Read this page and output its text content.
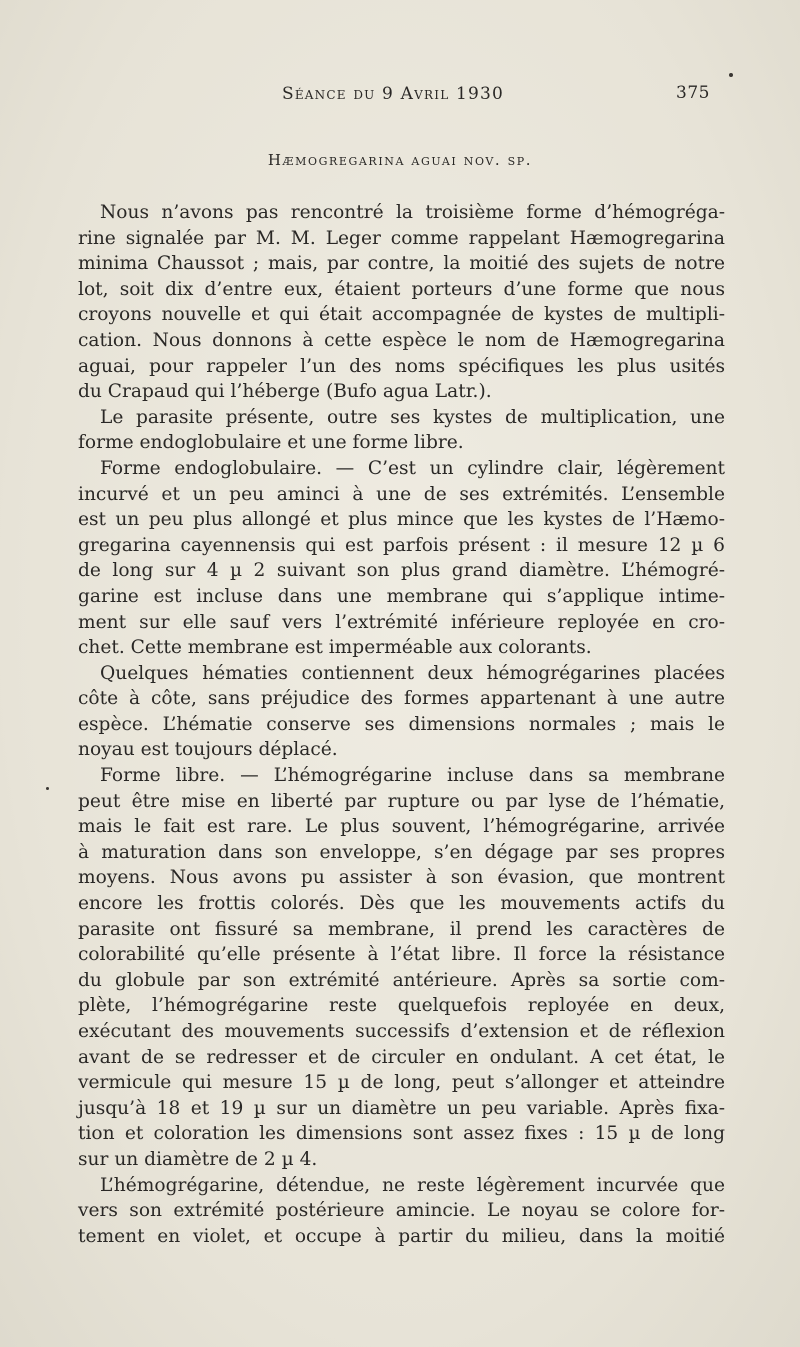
Séance du 9 Avril 1930	375
Hæmogregarina aguai nov. sp.
Nous n’avons pas rencontré la troisième forme d’hémogréga-
rine signalée par M. M. Leger comme rappelant Hæmogregarina
minima Chaussot ; mais, par contre, la moitié des sujets de notre
lot, soit dix d’entre eux, étaient porteurs d’une forme que nous
croyons nouvelle et qui était accompagnée de kystes de multipli-
cation. Nous donnons à cette espèce le nom de Hæmogregarina
aguai, pour rappeler l’un des noms spécifiques les plus usités
du Crapaud qui l’héberge (Bufo agua Latr.).
Le parasite présente, outre ses kystes de multiplication, une
forme endoglobulaire et une forme libre.
Forme endoglobulaire. — C’est un cylindre clair, légèrement
incurvé et un peu aminci à une de ses extrémités. L’ensemble
est un peu plus allongé et plus mince que les kystes de l’Hæmo-
gregarina cayennensis qui est parfois présent : il mesure 12 µ 6
de long sur 4 µ 2 suivant son plus grand diamètre. L’hémogré-
garine est incluse dans une membrane qui s’applique intime-
ment sur elle sauf vers l’extrémité inférieure reployée en cro-
chet. Cette membrane est imperméable aux colorants.
Quelques hématies contiennent deux hémogrégarines placées
côte à côte, sans préjudice des formes appartenant à une autre
espèce. L’hématie conserve ses dimensions normales ; mais le
noyau est toujours déplacé.
Forme libre. — L’hémogrégarine incluse dans sa membrane
peut être mise en liberté par rupture ou par lyse de l’hématie,
mais le fait est rare. Le plus souvent, l’hémogrégarine, arrivée
à maturation dans son enveloppe, s’en dégage par ses propres
moyens. Nous avons pu assister à son évasion, que montrent
encore les frottis colorés. Dès que les mouvements actifs du
parasite ont fissuré sa membrane, il prend les caractères de
colorabilité qu’elle présente à l’état libre. Il force la résistance
du globule par son extrémité antérieure. Après sa sortie com-
plète, l’hémogrégarine reste quelquefois reployée en deux,
exécutant des mouvements successifs d’extension et de réflexion
avant de se redresser et de circuler en ondulant. A cet état, le
vermicule qui mesure 15 µ de long, peut s’allonger et atteindre
jusqu’à 18 et 19 µ sur un diamètre un peu variable. Après fixa-
tion et coloration les dimensions sont assez fixes : 15 µ de long
sur un diamètre de 2 µ 4.
L’hémogrégarine, détendue, ne reste légèrement incurvée que
vers son extrémité postérieure amincie. Le noyau se colore for-
tement en violet, et occupe à partir du milieu, dans la moitié
